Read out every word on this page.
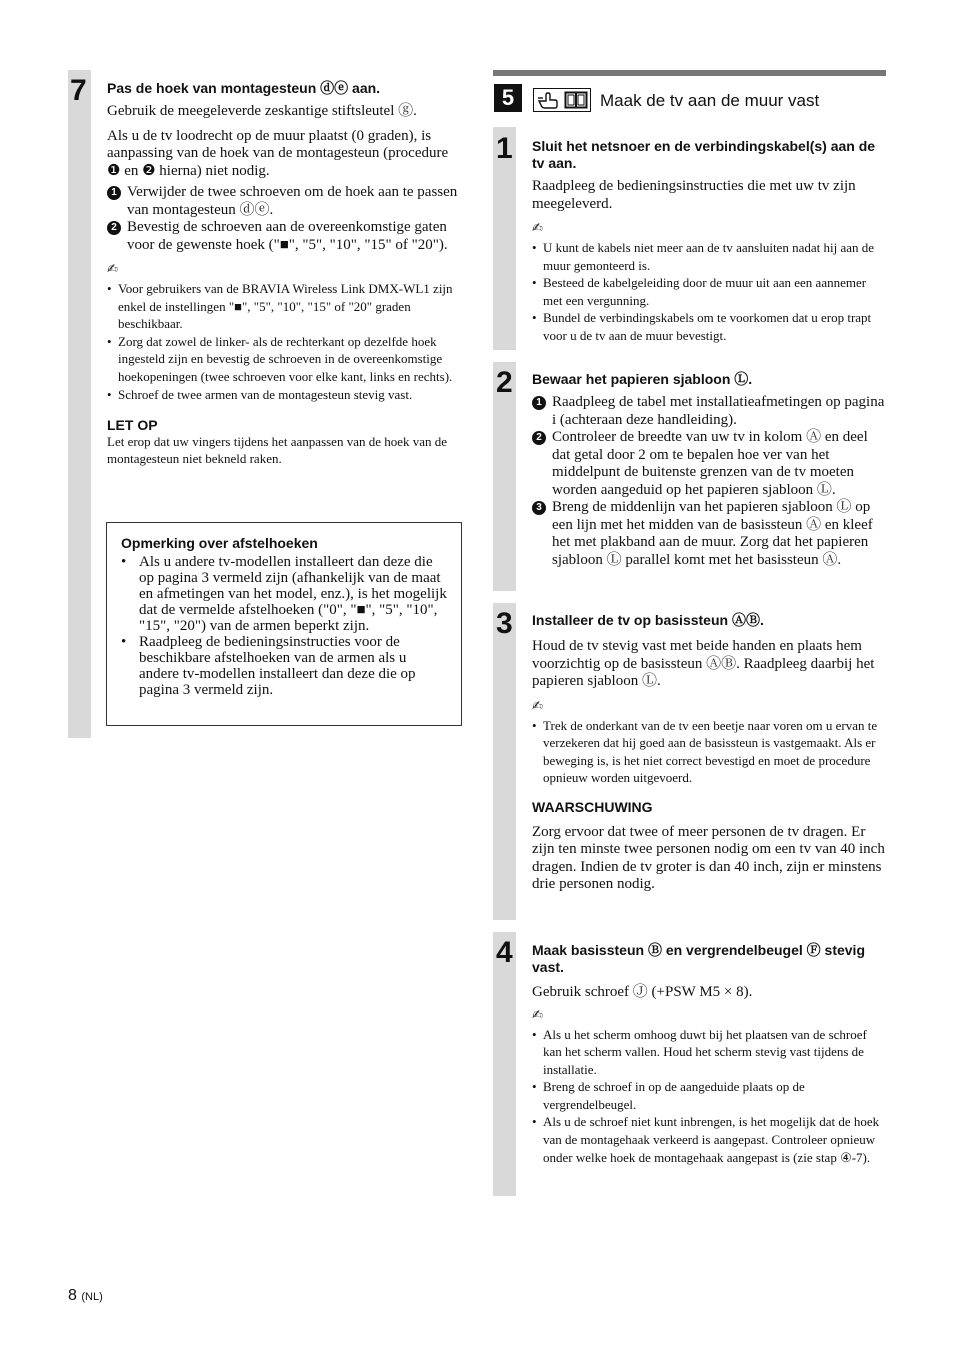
7 Pas de hoek van montagesteun ⓓⓔ aan.

Gebruik de meegeleverde zeskantige stiftsleutel ⓖ.

Als u de tv loodrecht op de muur plaatst (0 graden), is aanpassing van de hoek van de montagesteun (procedure ❶ en ❷ hierna) niet nodig.

1 Verwijder de twee schroeven om de hoek aan te passen van montagesteun ⓓⓔ.
2 Bevestig de schroeven aan de overeenkomstige gaten voor de gewenste hoek ("■", "5", "10", "15" of "20").
✍
• Voor gebruikers van de BRAVIA Wireless Link DMX-WL1 zijn enkel de instellingen "■", "5", "10", "15" of "20" graden beschikbaar.
• Zorg dat zowel de linker- als de rechterkant op dezelfde hoek ingesteld zijn en bevestig de schroeven in de overeenkomstige hoekopeningen (twee schroeven voor elke kant, links en rechts).
• Schroef de twee armen van de montagesteun stevig vast.
LET OP
Let erop dat uw vingers tijdens het aanpassen van de hoek van de montagesteun niet bekneld raken.
Opmerking over afstelhoeken
• Als u andere tv-modellen installeert dan deze die op pagina 3 vermeld zijn (afhankelijk van de maat en afmetingen van het model, enz.), is het mogelijk dat de vermelde afstelhoeken ("0", "■", "5", "10", "15", "20") van de armen beperkt zijn.
• Raadpleeg de bedieningsinstructies voor de beschikbare afstelhoeken van de armen als u andere tv-modellen installeert dan deze die op pagina 3 vermeld zijn.
5	Maak de tv aan de muur vast
1 Sluit het netsnoer en de verbindingskabel(s) aan de tv aan.

Raadpleeg de bedieningsinstructies die met uw tv zijn meegeleverd.

✍
• U kunt de kabels niet meer aan de tv aansluiten nadat hij aan de muur gemonteerd is.
• Besteed de kabelgeleiding door de muur uit aan een aannemer met een vergunning.
• Bundel de verbindingskabels om te voorkomen dat u erop trapt voor u de tv aan de muur bevestigt.
2 Bewaar het papieren sjabloon Ⓛ.
1 Raadpleeg de tabel met installatieafmetingen op pagina i (achteraan deze handleiding).
2 Controleer de breedte van uw tv in kolom Ⓐ en deel dat getal door 2 om te bepalen hoe ver van het middelpunt de buitenste grenzen van de tv moeten worden aangeduid op het papieren sjabloon Ⓛ.
3 Breng de middenlijn van het papieren sjabloon Ⓛ op een lijn met het midden van de basissteun Ⓐ en kleef het met plakband aan de muur. Zorg dat het papieren sjabloon Ⓛ parallel komt met het basissteun Ⓐ.
3 Installeer de tv op basissteun ⒶⒷ.

Houd de tv stevig vast met beide handen en plaats hem voorzichtig op de basissteun ⒶⒷ. Raadpleeg daarbij het papieren sjabloon Ⓛ.

✍
• Trek de onderkant van de tv een beetje naar voren om u ervan te verzekeren dat hij goed aan de basissteun is vastgemaakt. Als er beweging is, is het niet correct bevestigd en moet de procedure opnieuw worden uitgevoerd.
WAARSCHUWING

Zorg ervoor dat twee of meer personen de tv dragen. Er zijn ten minste twee personen nodig om een tv van 40 inch dragen. Indien de tv groter is dan 40 inch, zijn er minstens drie personen nodig.

4 Maak basissteun Ⓑ en vergrendelbeugel Ⓕ stevig vast.

Gebruik schroef Ⓙ (+PSW M5 × 8).

✍
• Als u het scherm omhoog duwt bij het plaatsen van de schroef kan het scherm vallen. Houd het scherm stevig vast tijdens de installatie.
• Breng de schroef in op de aangeduide plaats op de vergrendelbeugel.
• Als u de schroef niet kunt inbrengen, is het mogelijk dat de hoek van de montagehaak verkeerd is aangepast. Controleer opnieuw onder welke hoek de montagehaak aangepast is (zie stap ④-7).
8 (NL)
